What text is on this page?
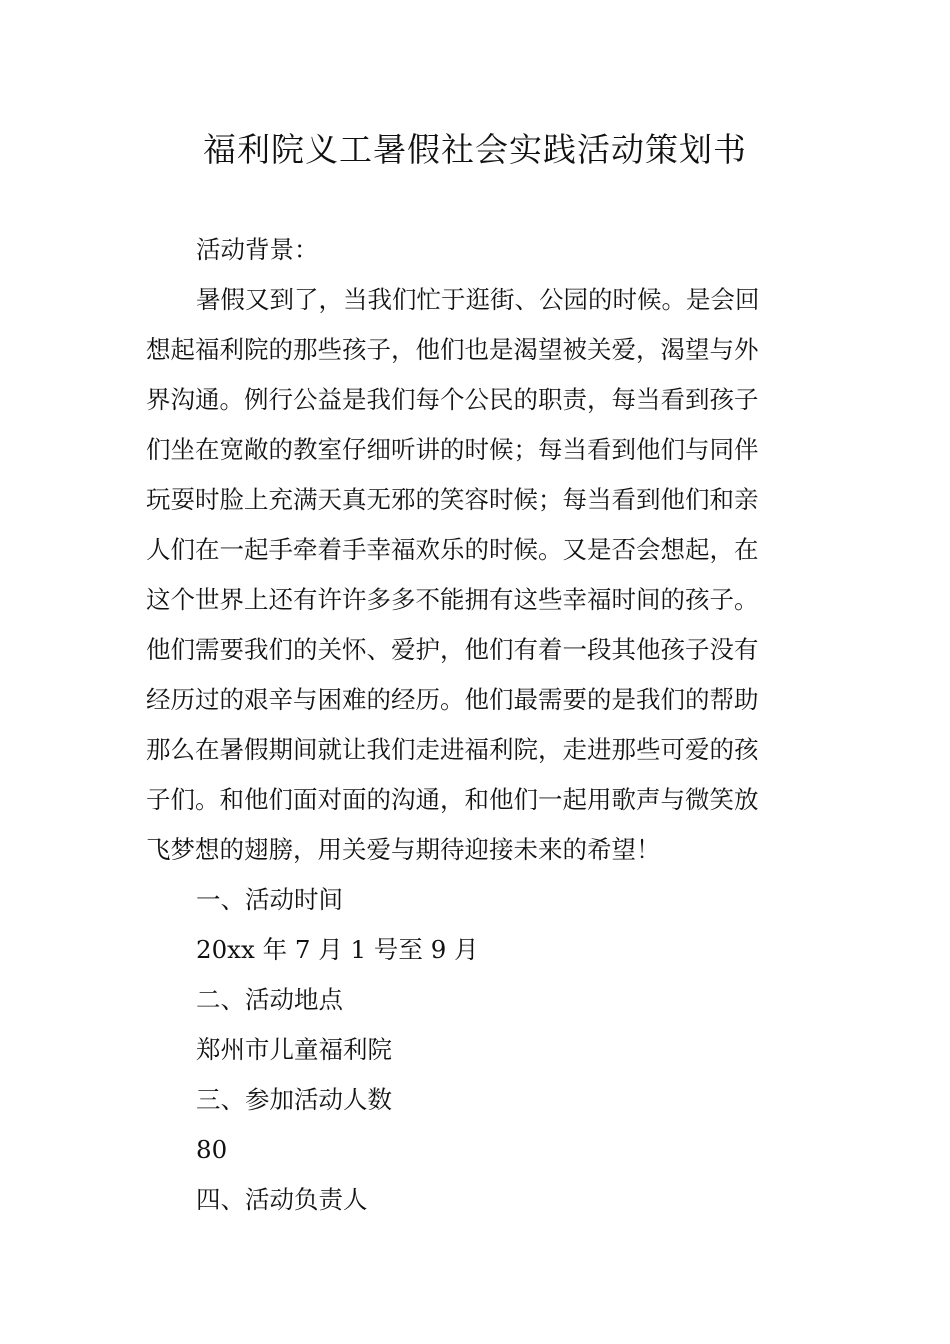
福利院义工暑假社会实践活动策划书
活动背景：
暑假又到了，当我们忙于逛街、公园的时候。是会回
想起福利院的那些孩子，他们也是渴望被关爱，渴望与外
界沟通。例行公益是我们每个公民的职责，每当看到孩子
们坐在宽敞的教室仔细听讲的时候；每当看到他们与同伴
玩耍时脸上充满天真无邪的笑容时候；每当看到他们和亲
人们在一起手牵着手幸福欢乐的时候。又是否会想起，在
这个世界上还有许许多多不能拥有这些幸福时间的孩子。
他们需要我们的关怀、爱护，他们有着一段其他孩子没有
经历过的艰辛与困难的经历。他们最需要的是我们的帮助
那么在暑假期间就让我们走进福利院，走进那些可爱的孩
子们。和他们面对面的沟通，和他们一起用歌声与微笑放
飞梦想的翅膀，用关爱与期待迎接未来的希望！
一、活动时间
20xx 年 7 月 1 号至 9 月
二、活动地点
郑州市儿童福利院
三、参加活动人数
80
四、活动负责人
